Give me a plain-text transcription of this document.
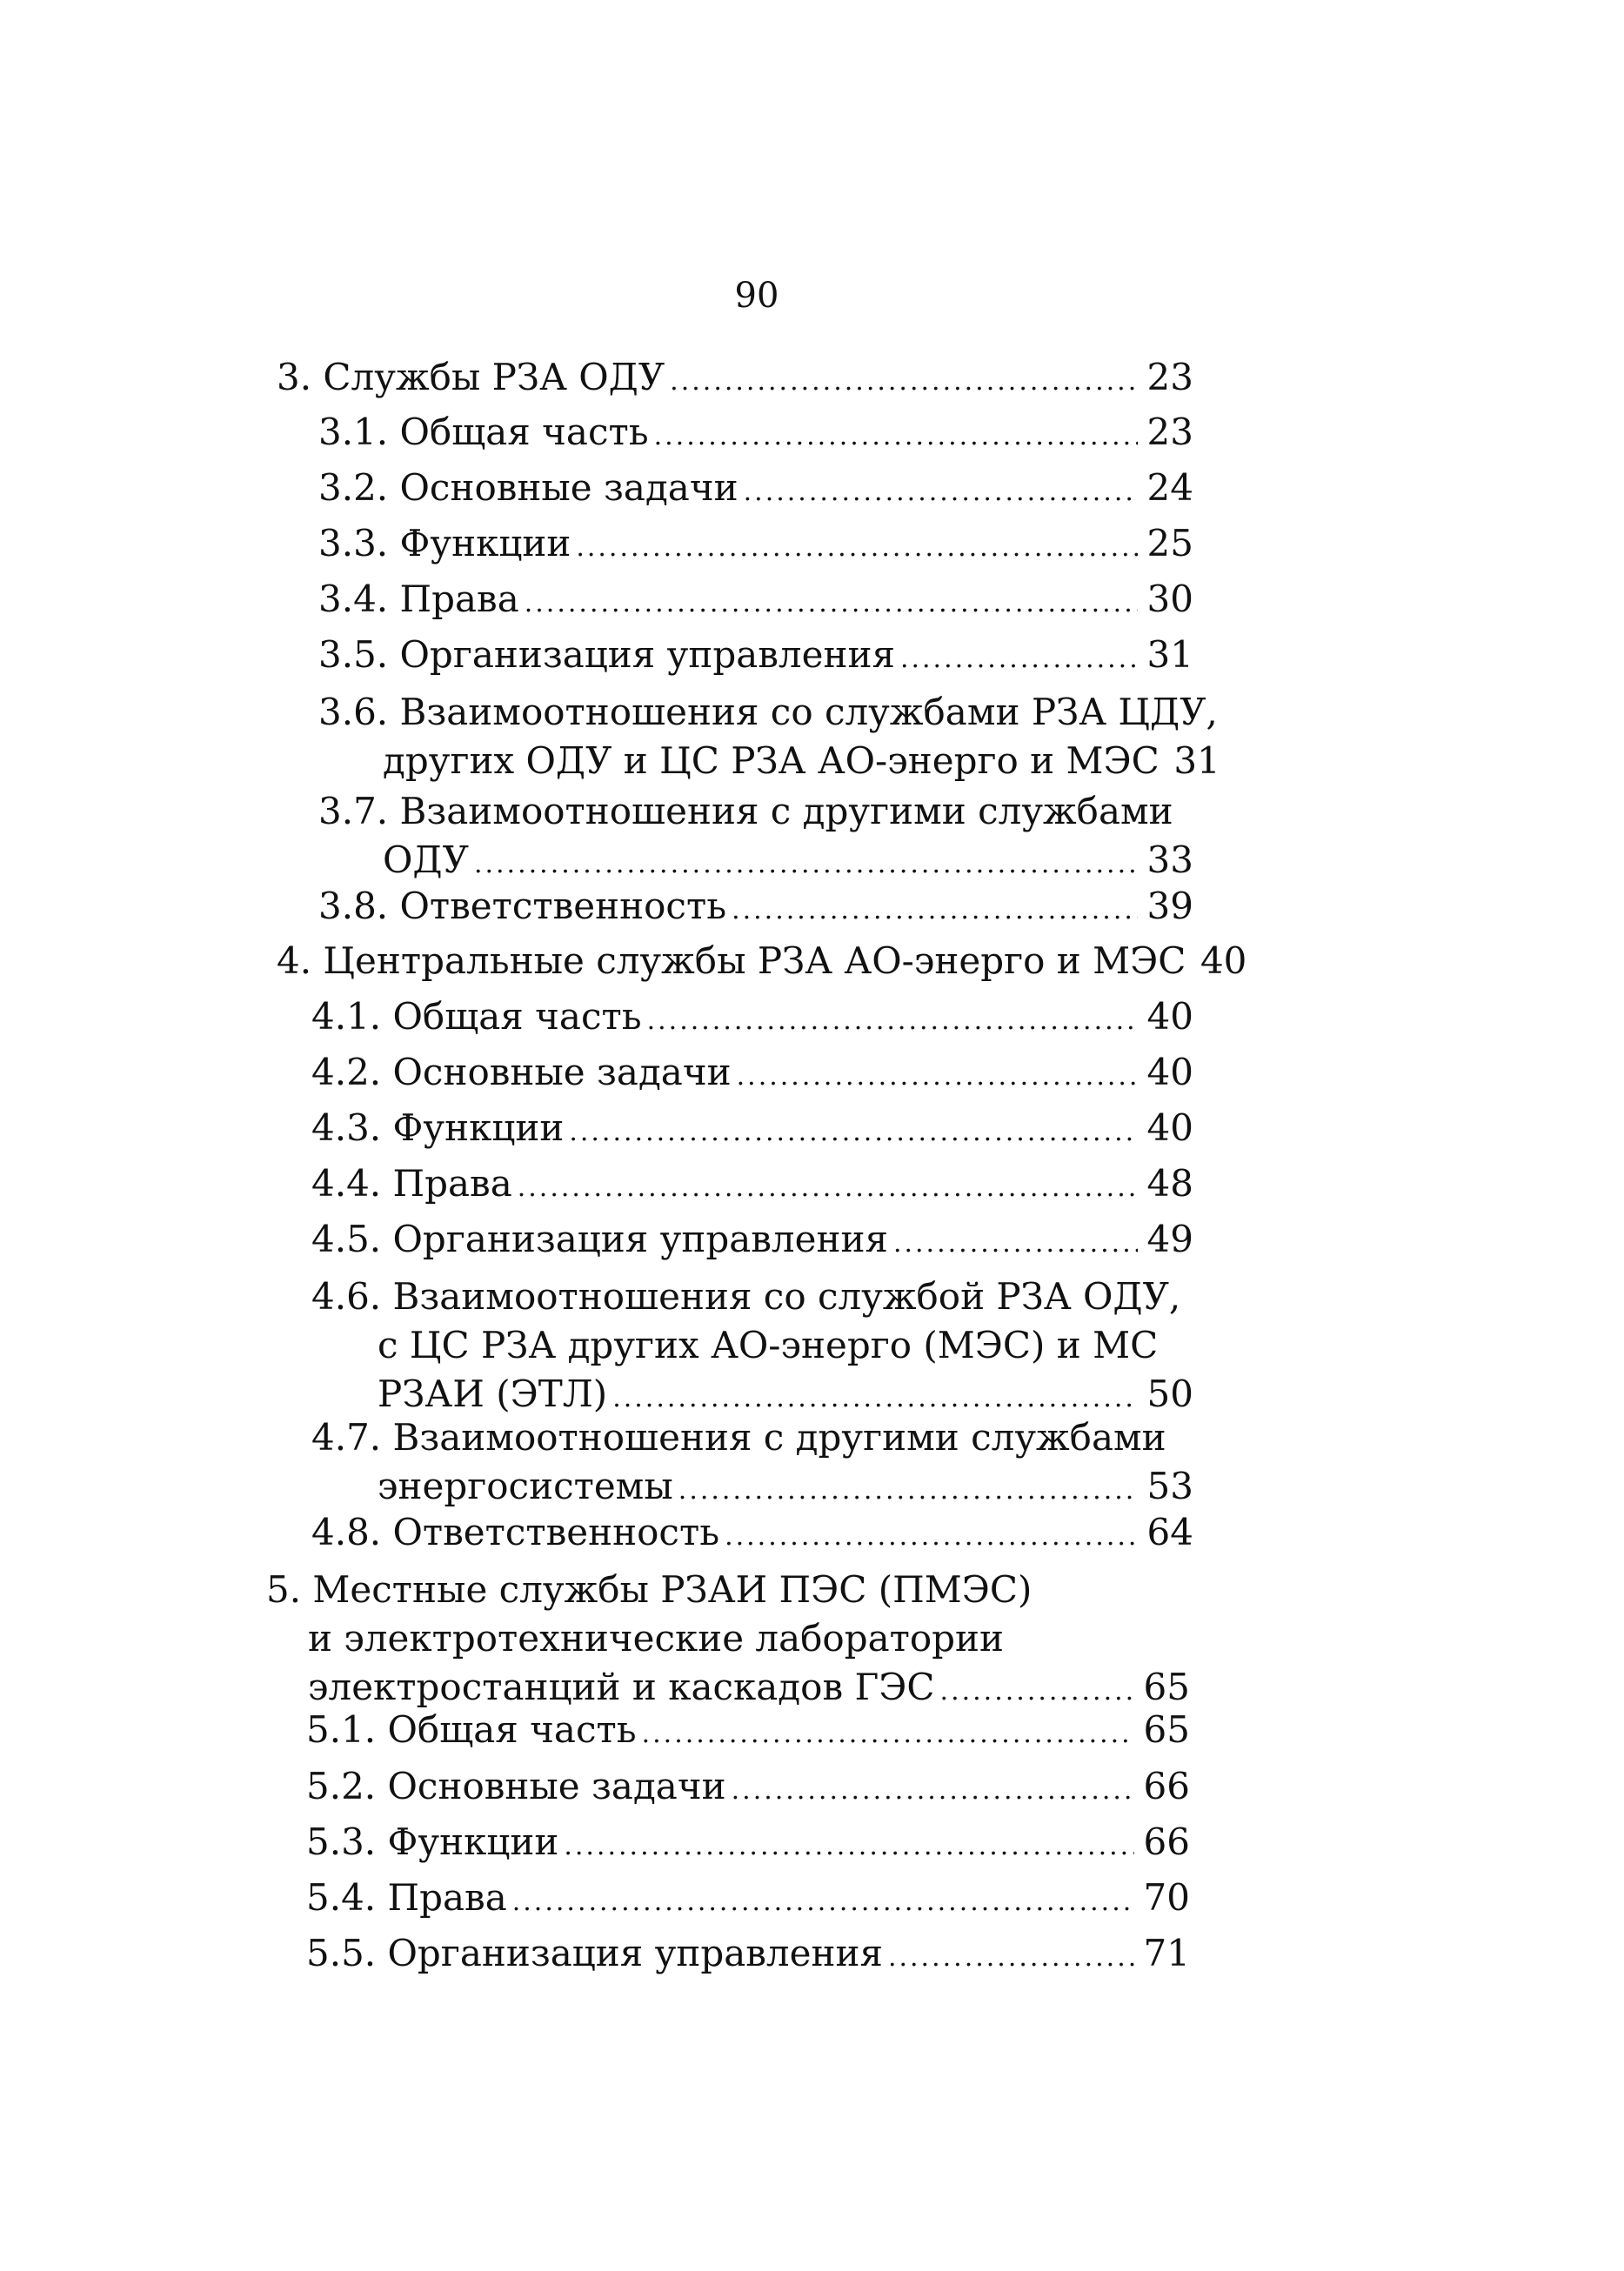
90
3. Службы РЗА ОДУ .....	23
3.1. Общая часть .....	23
3.2. Основные задачи .....	24
3.3. Функции .....	25
3.4. Права .....	30
3.5. Организация управления .....	31
3.6. Взаимоотношения со службами РЗА ЦДУ,
других ОДУ и ЦС РЗА АО-энерго и МЭС 31
3.7. Взаимоотношения с другими службами
ОДУ .....	33
3.8. Ответственность .....	39
4. Центральные службы РЗА АО-энерго и МЭС 40
4.1. Общая часть .....	40
4.2. Основные задачи .....	40
4.3. Функции .....	40
4.4. Права .....	48
4.5. Организация управления .....	49
4.6. Взаимоотношения со службой РЗА ОДУ,
с ЦС РЗА других АО-энерго (МЭС) и МС
РЗАИ (ЭТЛ) .....	50
4.7. Взаимоотношения с другими службами
энергосистемы .....	53
4.8. Ответственность .....	64
5. Местные службы РЗАИ ПЭС (ПМЭС)
и электротехнические лаборатории
электростанций и каскадов ГЭС .....	65
5.1. Общая часть .....	65
5.2. Основные задачи .....	66
5.3. Функции .....	66
5.4. Права .....	70
5.5. Организация управления .....	71
